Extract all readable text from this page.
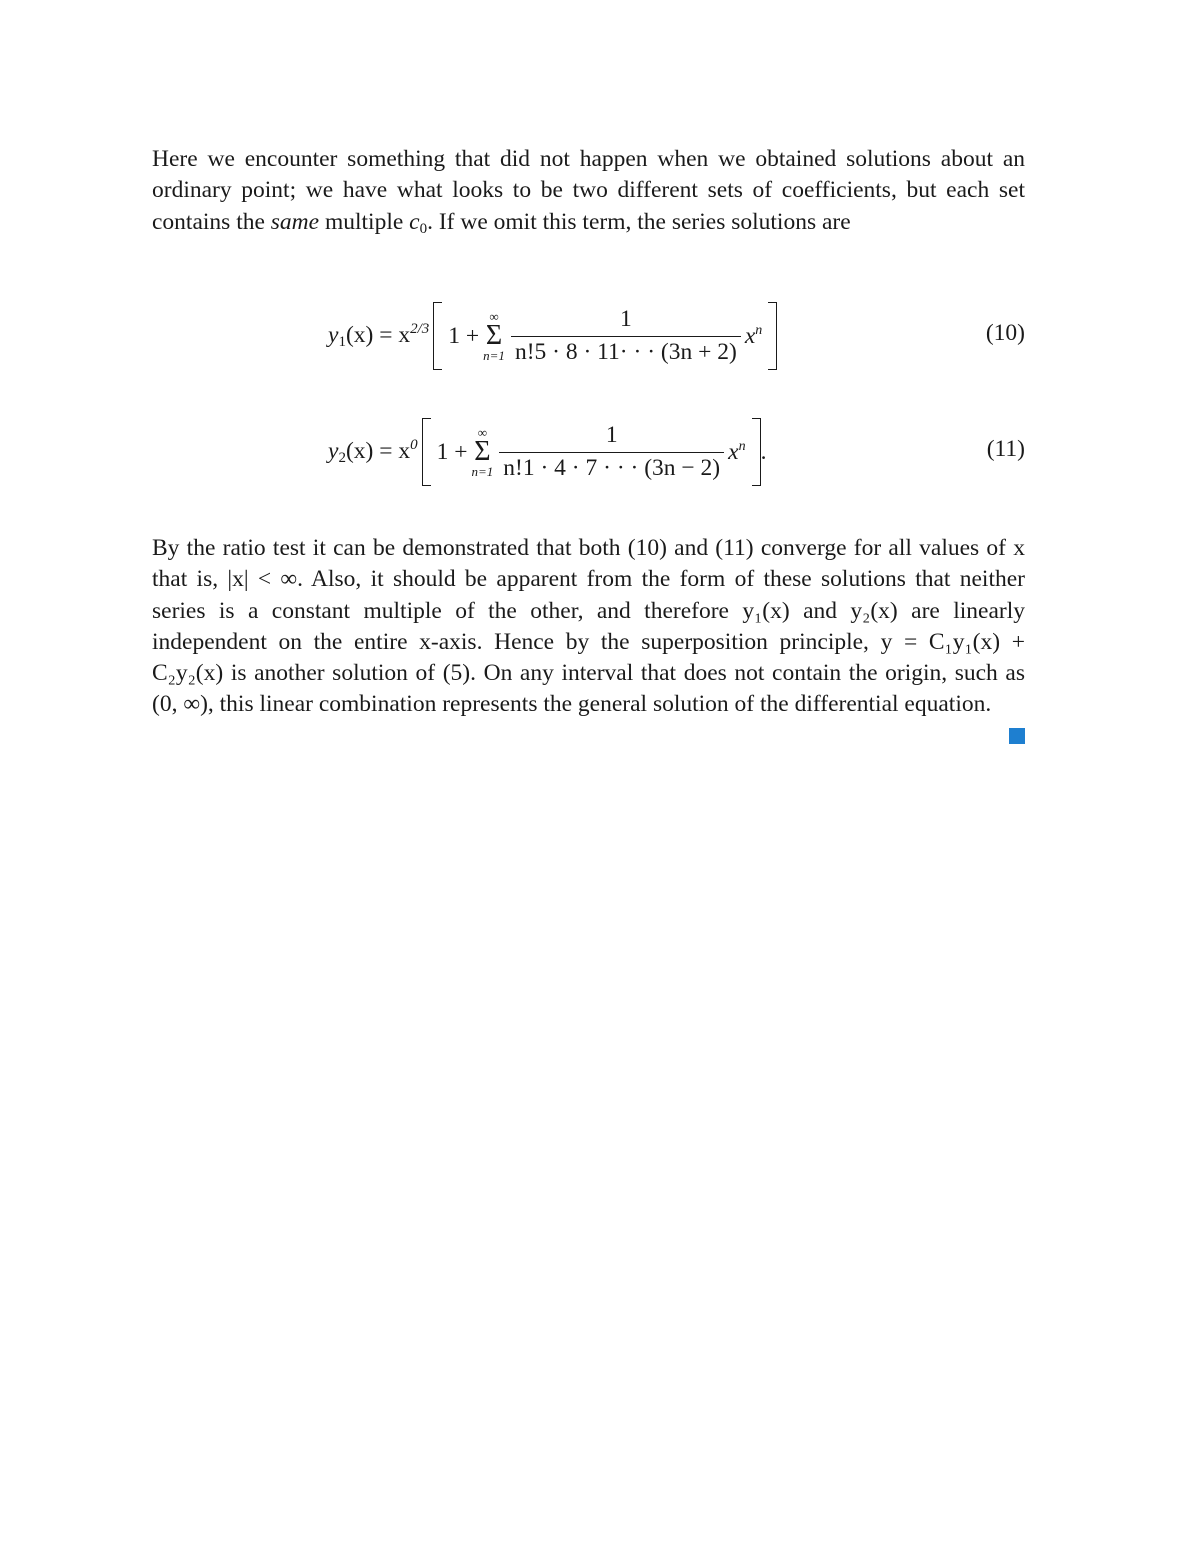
Here we encounter something that did not happen when we obtained solutions about an ordinary point; we have what looks to be two different sets of coefficients, but each set contains the same multiple $c_0$. If we omit this term, the series solutions are

$y_1(x) = x^{2/3}$ 1 +
∞
Σ
$n=1 \frac{1}{n!5 \cdot 8 \cdot 11\cdot \cdot \cdot (3n + 2)} x^n$	(10)
$y_2(x) = x^0$ 1 +
∞
Σ
$n=1 \frac{1}{n!1 \cdot 4 \cdot 7 \cdot \cdot \cdot (3n - 2)} x^n$ .	(11)

By the ratio test it can be demonstrated that both (10) and (11) converge for all values of x that is, |x| < ∞. Also, it should be apparent from the form of these solutions that neither series is a constant multiple of the other, and therefore y₁(x) and y₂(x) are linearly independent on the entire x-axis. Hence by the superposition principle, y = C₁y₁(x) + C₂y₂(x) is another solution of (5). On any interval that does not contain the origin, such as (0, ∞), this linear combination represents the general solution of the differential equation.
